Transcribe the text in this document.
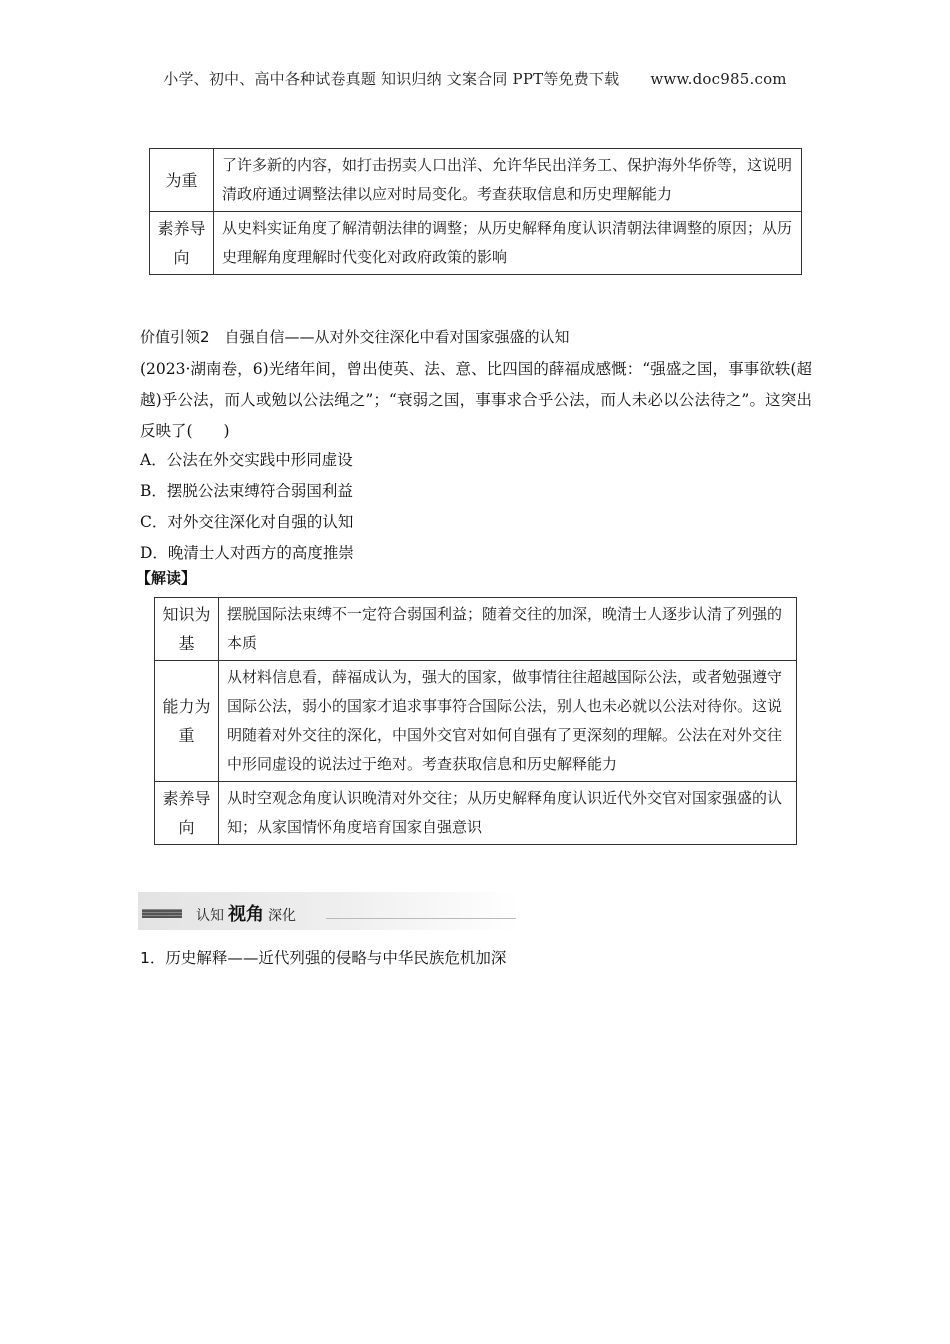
小学、初中、高中各种试卷真题 知识归纳 文案合同 PPT等免费下载 www.doc985.com
为重	了许多新的内容，如打击拐卖人口出洋、允许华民出洋务工、保护海外华侨等，这说明清政府通过调整法律以应对时局变化。考查获取信息和历史理解能力
素养导向	从史料实证角度了解清朝法律的调整；从历史解释角度认识清朝法律调整的原因；从历史理解角度理解时代变化对政府政策的影响
价值引领2　自强自信——从对外交往深化中看对国家强盛的认知
(2023·湖南卷，6)光绪年间，曾出使英、法、意、比四国的薛福成感慨：“强盛之国，事事欲轶(超越)乎公法，而人或勉以公法绳之”；“衰弱之国，事事求合乎公法，而人未必以公法待之”。这突出反映了(　　)
A．公法在外交实践中形同虚设
B．摆脱公法束缚符合弱国利益
C．对外交往深化对自强的认知
D．晚清士人对西方的高度推崇
【解读】
知识为基	摆脱国际法束缚不一定符合弱国利益；随着交往的加深，晚清士人逐步认清了列强的本质
能力为重	从材料信息看，薛福成认为，强大的国家，做事情往往超越国际公法，或者勉强遵守国际公法，弱小的国家才追求事事符合国际公法，别人也未必就以公法对待你。这说明随着对外交往的深化，中国外交官对如何自强有了更深刻的理解。公法在对外交往中形同虚设的说法过于绝对。考查获取信息和历史解释能力
素养导向	从时空观念角度认识晚清对外交往；从历史解释角度认识近代外交官对国家强盛的认知；从家国情怀角度培育国家自强意识
认知 视角 深化
1．历史解释——近代列强的侵略与中华民族危机加深
